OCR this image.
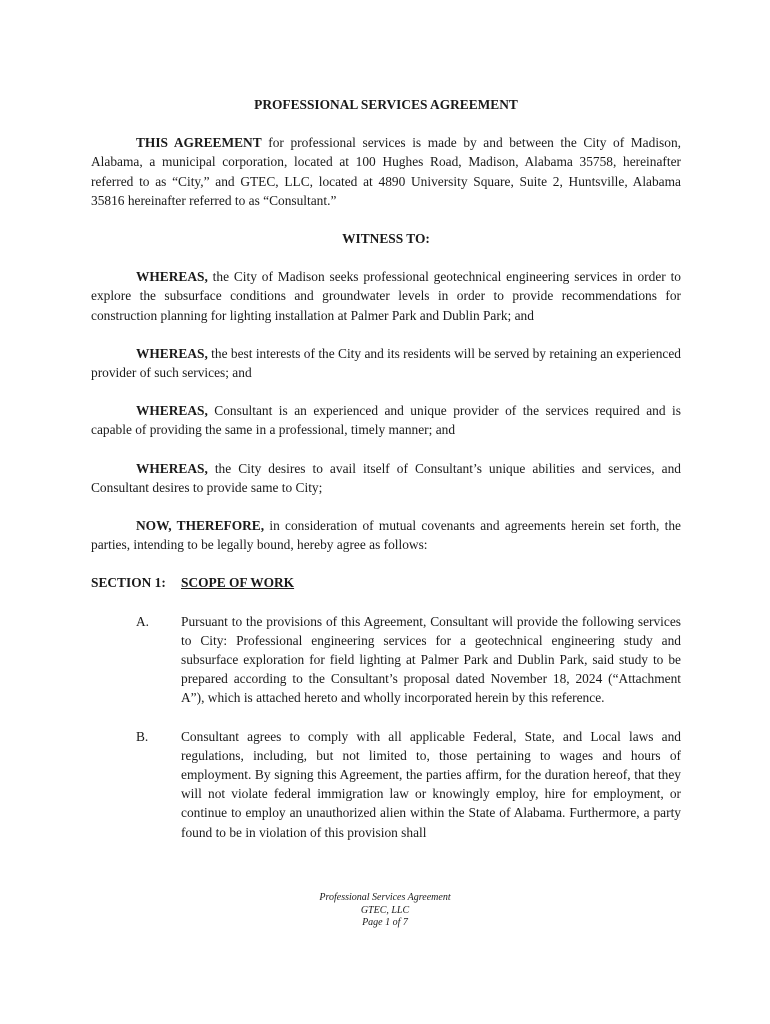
PROFESSIONAL SERVICES AGREEMENT

THIS AGREEMENT for professional services is made by and between the City of Madison, Alabama, a municipal corporation, located at 100 Hughes Road, Madison, Alabama 35758, hereinafter referred to as “City,” and GTEC, LLC, located at 4890 University Square, Suite 2, Huntsville, Alabama 35816 hereinafter referred to as “Consultant.”

WITNESS TO:

WHEREAS, the City of Madison seeks professional geotechnical engineering services in order to explore the subsurface conditions and groundwater levels in order to provide recommendations for construction planning for lighting installation at Palmer Park and Dublin Park; and

WHEREAS, the best interests of the City and its residents will be served by retaining an experienced provider of such services; and

WHEREAS, Consultant is an experienced and unique provider of the services required and is capable of providing the same in a professional, timely manner; and

WHEREAS, the City desires to avail itself of Consultant’s unique abilities and services, and Consultant desires to provide same to City;

NOW, THEREFORE, in consideration of mutual covenants and agreements herein set forth, the parties, intending to be legally bound, hereby agree as follows:

SECTION 1:	SCOPE OF WORK
A.	Pursuant to the provisions of this Agreement, Consultant will provide the following services to City: Professional engineering services for a geotechnical engineering study and subsurface exploration for field lighting at Palmer Park and Dublin Park, said study to be prepared according to the Consultant’s proposal dated November 18, 2024 (“Attachment A”), which is attached hereto and wholly incorporated herein by this reference.
B.	Consultant agrees to comply with all applicable Federal, State, and Local laws and regulations, including, but not limited to, those pertaining to wages and hours of employment. By signing this Agreement, the parties affirm, for the duration hereof, that they will not violate federal immigration law or knowingly employ, hire for employment, or continue to employ an unauthorized alien within the State of Alabama. Furthermore, a party found to be in violation of this provision shall
Professional Services Agreement
GTEC, LLC
Page 1 of 7
